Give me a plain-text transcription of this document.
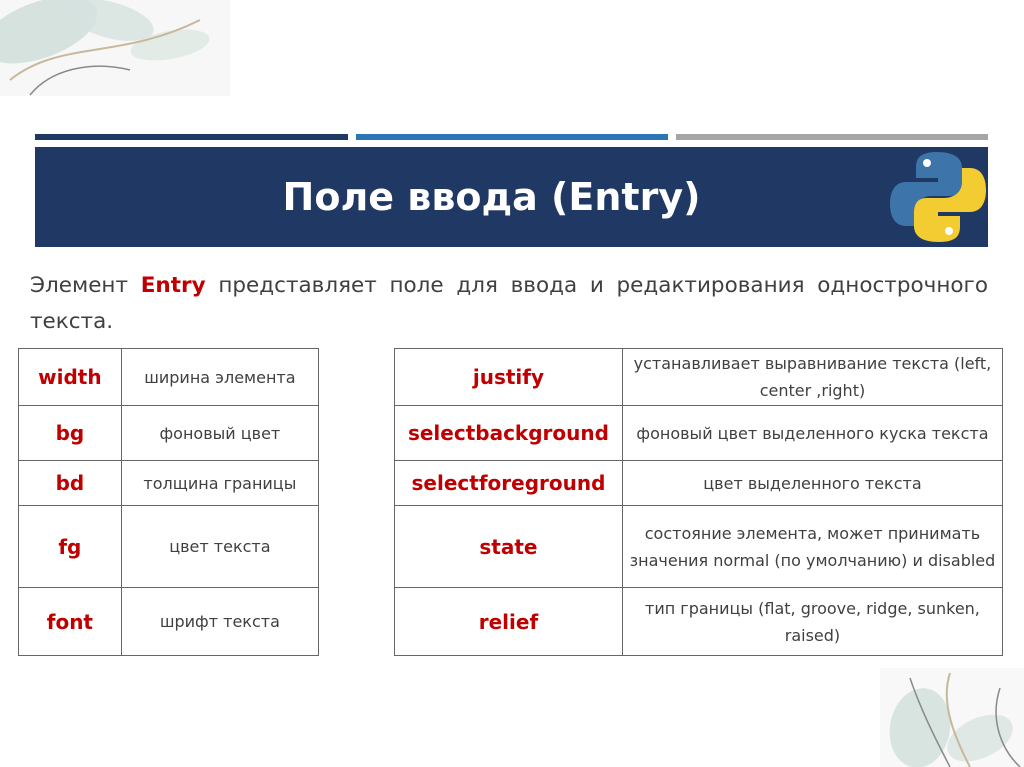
Поле ввода (Entry)
Элемент Entry представляет поле для ввода и редактирования однострочного текста.
width	ширина элемента
bg	фоновый цвет
bd	толщина границы
fg	цвет текста
font	шрифт текста
justify	устанавливает выравнивание текста (left, center ,right)
selectbackground	фоновый цвет выделенного куска текста
selectforeground	цвет выделенного текста
state	состояние элемента, может принимать значения normal (по умолчанию) и disabled
relief	тип границы (flat, groove, ridge, sunken, raised)
